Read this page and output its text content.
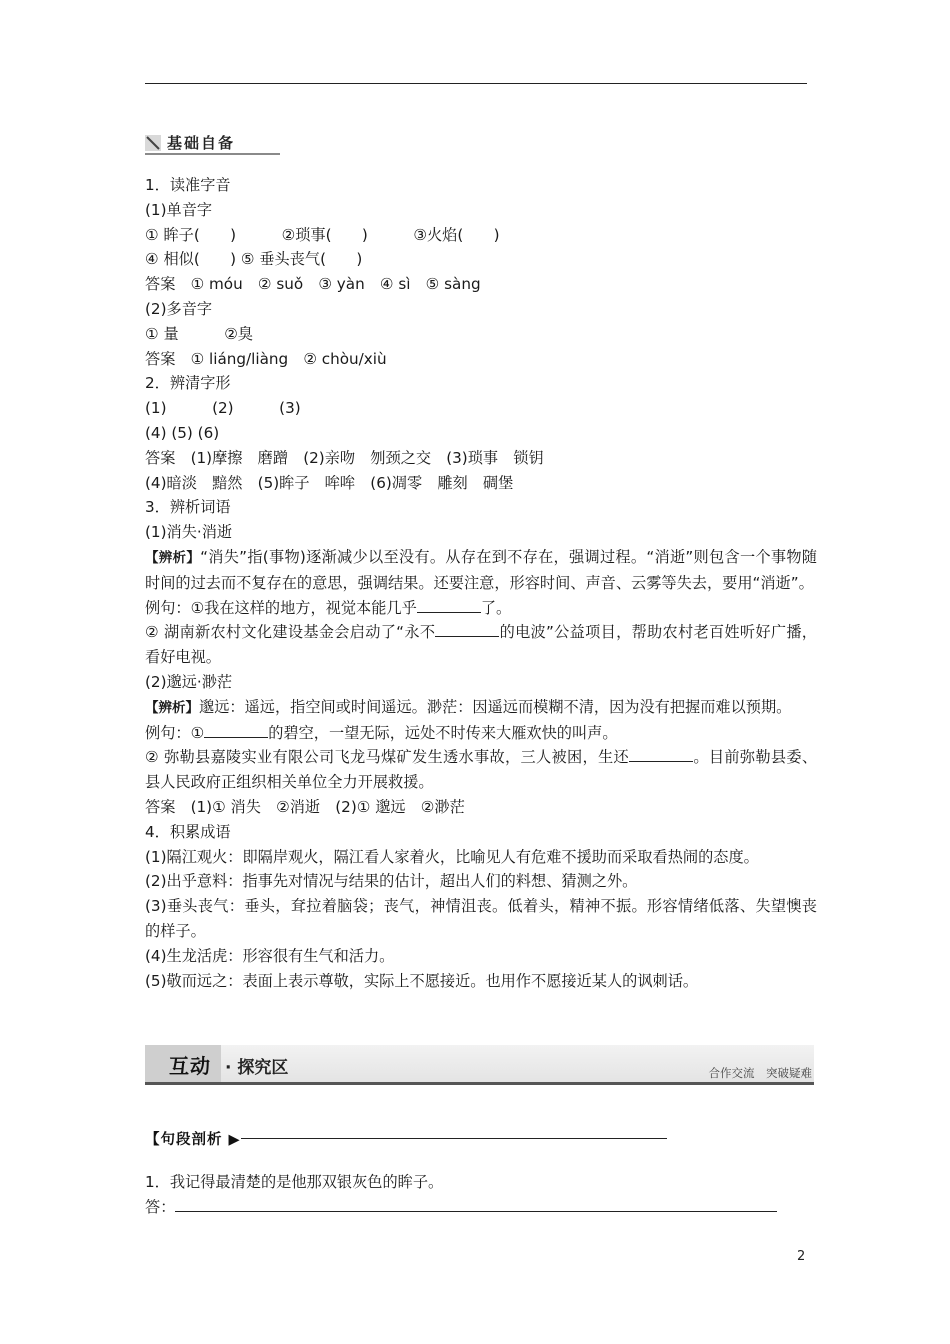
基础自备

1．读准字音

(1)单音字

① 眸子(　　)　　　②琐事(　　)　　　③火焰(　　)

④ 相似(　　) ⑤ 垂头丧气(　　)

答案　① móu　② suǒ　③ yàn　④ sì　⑤ sàng

(2)多音字

① 量　　　②臭

答案　① liáng/liàng　② chòu/xiù

2．辨清字形

(1)　　　(2)　　　(3)

(4) (5) (6)

答案　(1)摩擦　磨蹭　(2)亲吻　刎颈之交　(3)琐事　锁钥

(4)暗淡　黯然　(5)眸子　哞哞　(6)凋零　雕刻　碉堡

3．辨析词语

(1)消失·消逝

【辨析】“消失”指(事物)逐渐减少以至没有。从存在到不存在，强调过程。“消逝”则包含一个事物随时间的过去而不复存在的意思，强调结果。还要注意，形容时间、声音、云雾等失去，要用“消逝”。

例句：①我在这样的地方，视觉本能几乎	了。

② 湖南新农村文化建设基金会启动了“永不	的电波”公益项目，帮助农村老百姓听好广播，看好电视。

(2)邈远·渺茫

【辨析】邈远：遥远，指空间或时间遥远。渺茫：因遥远而模糊不清，因为没有把握而难以预期。

例句：①	的碧空，一望无际，远处不时传来大雁欢快的叫声。

② 弥勒县嘉陵实业有限公司飞龙马煤矿发生透水事故，三人被困，生还	。目前弥勒县委、县人民政府正组织相关单位全力开展救援。

答案　(1)① 消失　②消逝　(2)① 邈远　②渺茫

4．积累成语

(1)隔江观火：即隔岸观火，隔江看人家着火，比喻见人有危难不援助而采取看热闹的态度。

(2)出乎意料：指事先对情况与结果的估计，超出人们的料想、猜测之外。

(3)垂头丧气：垂头，耷拉着脑袋；丧气，神情沮丧。低着头，精神不振。形容情绪低落、失望懊丧的样子。

(4)生龙活虎：形容很有生气和活力。

(5)敬而远之：表面上表示尊敬，实际上不愿接近。也用作不愿接近某人的讽刺话。

互动 · 探究区	合作交流　突破疑难
【句段剖析 ▶

1．我记得最清楚的是他那双银灰色的眸子。

答：

2
